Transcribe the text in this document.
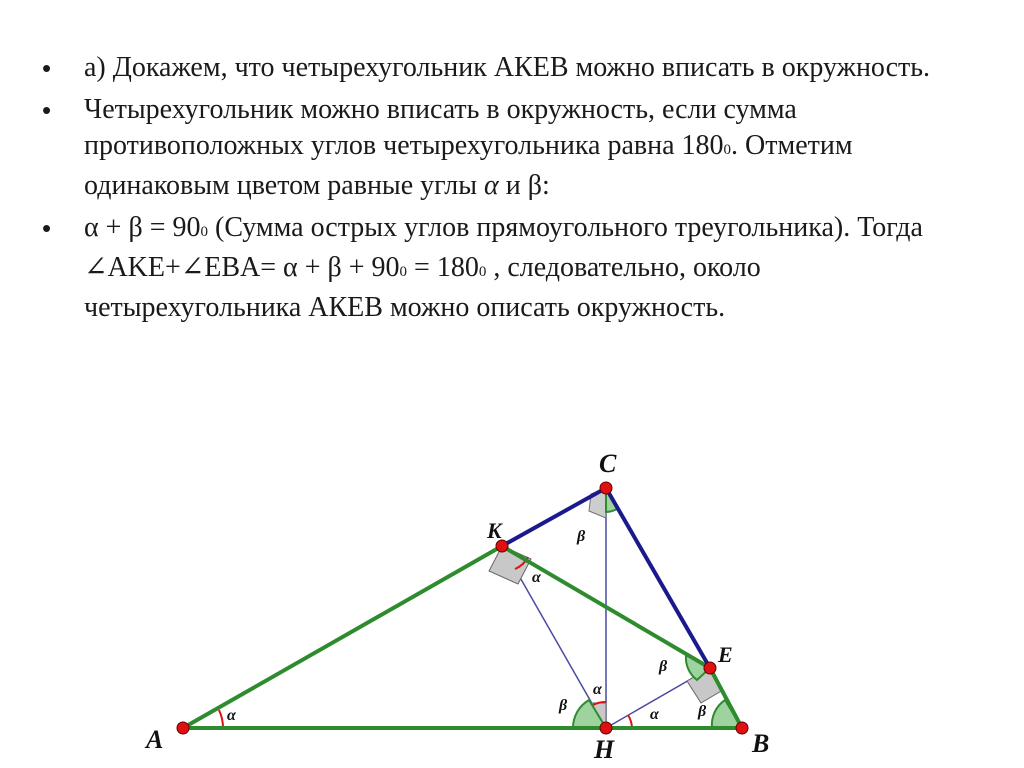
• а) Докажем, что четырехугольник АКЕВ можно вписать в окружность.
• Четырехугольник можно вписать в окружность, если сумма противоположных углов четырехугольника равна 1800. Отметим одинаковым цветом равные углы α и β:
• α + β = 900 (Сумма острых углов прямоугольного треугольника). Тогда ∠AKE+∠EBA= α + β + 900 = 1800 , следовательно, около четырехугольника АКЕВ можно описать окружность.
A
K
C
E
H	B
α
α
α
α
β
β
β	β
